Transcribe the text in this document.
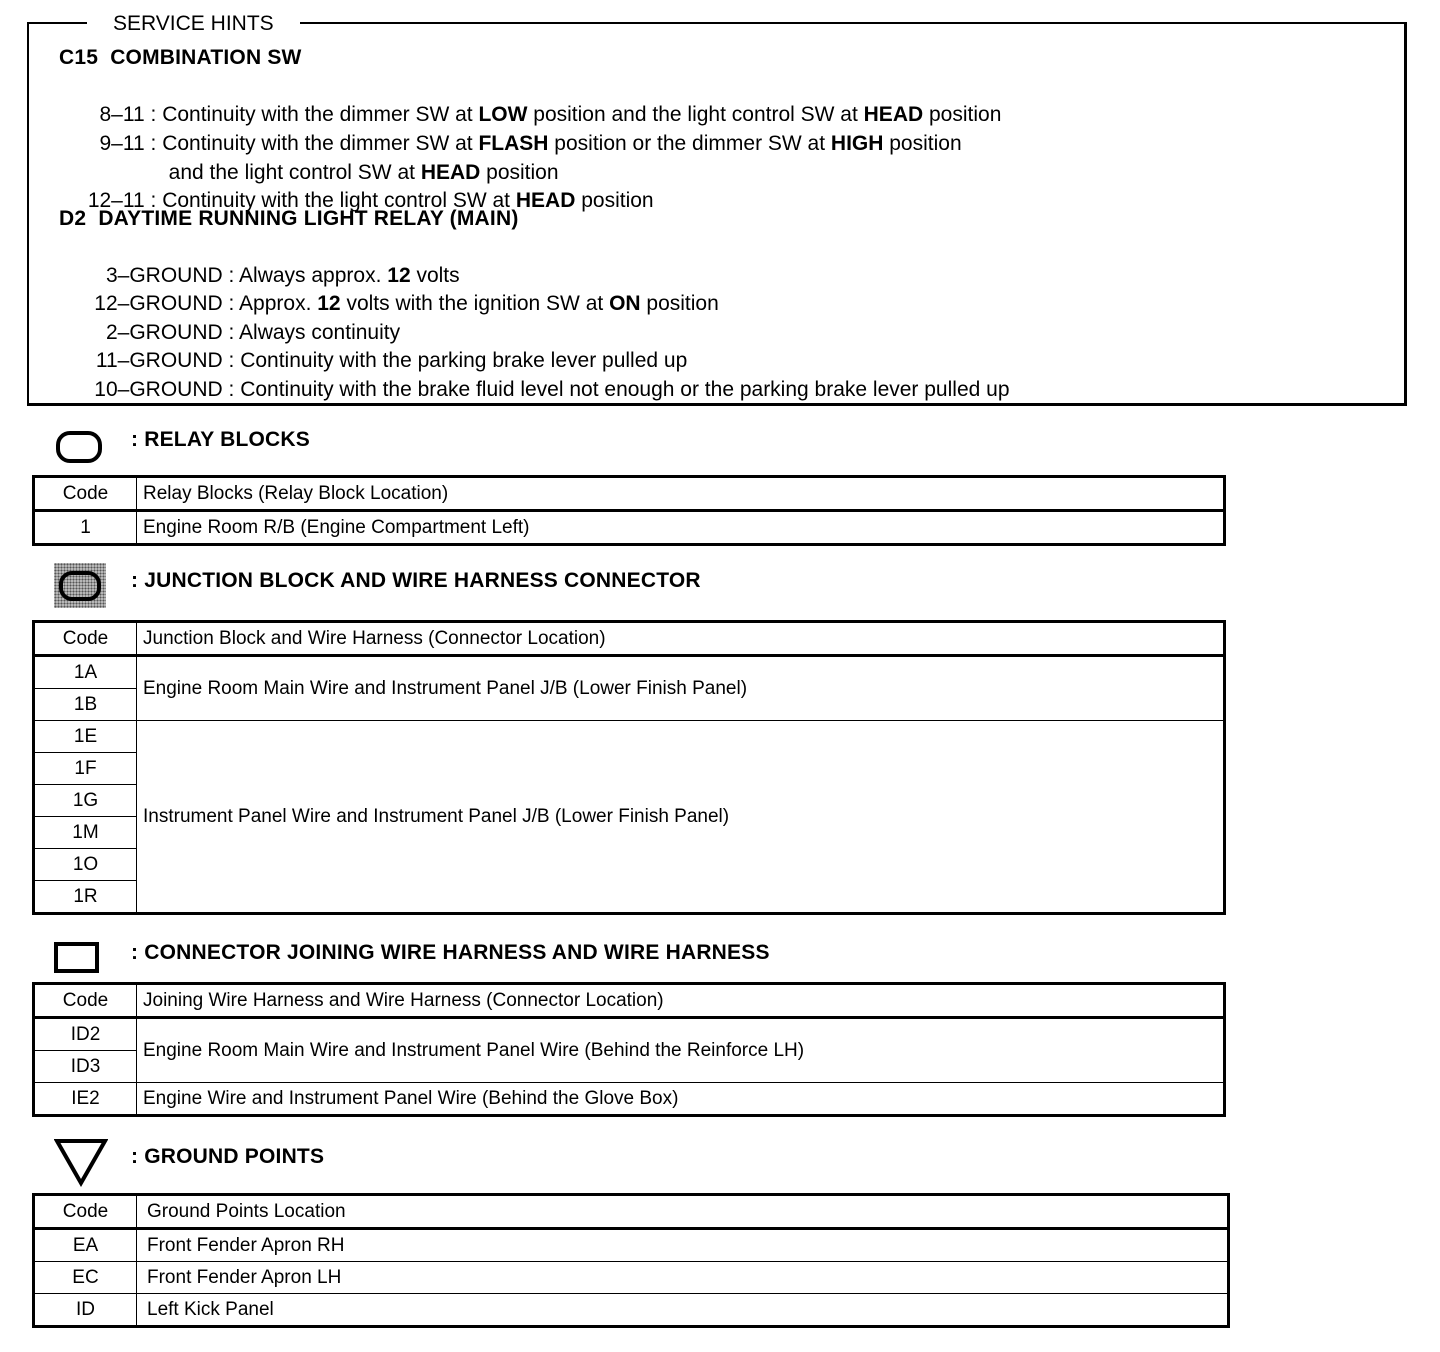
SERVICE HINTS
C15  COMBINATION SW

8–11 : Continuity with the dimmer SW at LOW position and the light control SW at HEAD position

9–11 : Continuity with the dimmer SW at FLASH position or the dimmer SW at HIGH position

and the light control SW at HEAD position

12–11 : Continuity with the light control SW at HEAD position

D2  DAYTIME RUNNING LIGHT RELAY (MAIN)

3–GROUND : Always approx. 12 volts

12–GROUND : Approx. 12 volts with the ignition SW at ON position

2–GROUND : Always continuity

11–GROUND : Continuity with the parking brake lever pulled up

10–GROUND : Continuity with the brake fluid level not enough or the parking brake lever pulled up

: RELAY BLOCKS
Code	Relay Blocks (Relay Block Location)
1	Engine Room R/B (Engine Compartment Left)
: JUNCTION BLOCK AND WIRE HARNESS CONNECTOR
Code	Junction Block and Wire Harness (Connector Location)
1A	Engine Room Main Wire and Instrument Panel J/B (Lower Finish Panel)
1B	
1E	Instrument Panel Wire and Instrument Panel J/B (Lower Finish Panel)
1F	
1G	
1M	
1O	
1R	
: CONNECTOR JOINING WIRE HARNESS AND WIRE HARNESS
Code	Joining Wire Harness and Wire Harness (Connector Location)
ID2	Engine Room Main Wire and Instrument Panel Wire (Behind the Reinforce LH)
ID3	
IE2	Engine Wire and Instrument Panel Wire (Behind the Glove Box)
: GROUND POINTS
Code	Ground Points Location
EA	Front Fender Apron RH
EC	Front Fender Apron LH
ID	Left Kick Panel
